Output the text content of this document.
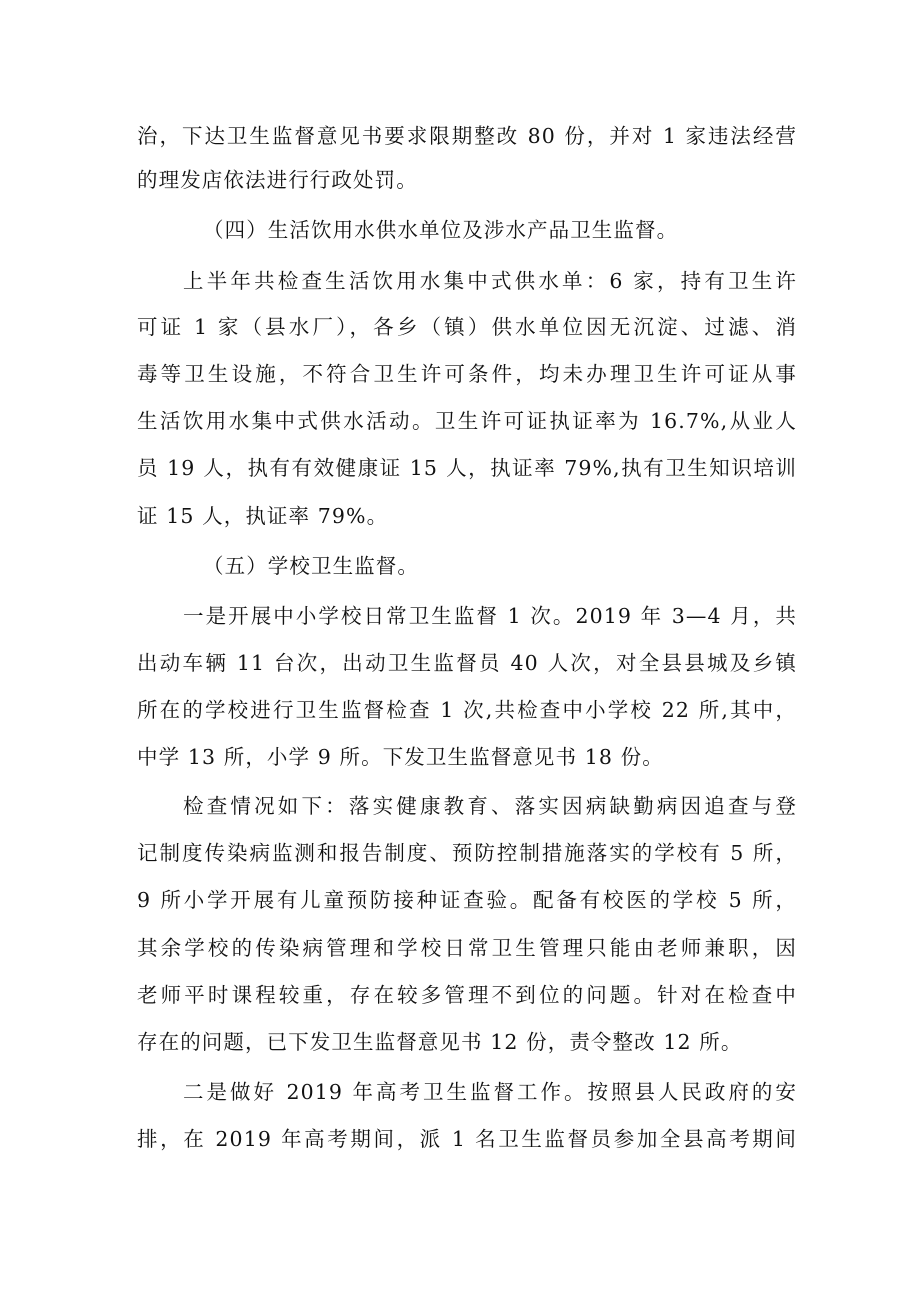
治，下达卫生监督意见书要求限期整改 80 份，并对 1 家违法经营
的理发店依法进行行政处罚。
（四）生活饮用水供水单位及涉水产品卫生监督。
上半年共检查生活饮用水集中式供水单：6 家，持有卫生许
可证 1 家（县水厂），各乡（镇）供水单位因无沉淀、过滤、消
毒等卫生设施，不符合卫生许可条件，均未办理卫生许可证从事
生活饮用水集中式供水活动。卫生许可证执证率为 16.7%,从业人
员 19 人，执有有效健康证 15 人，执证率 79%,执有卫生知识培训
证 15 人，执证率 79%。
（五）学校卫生监督。
一是开展中小学校日常卫生监督 1 次。2019 年 3—4 月，共
出动车辆 11 台次，出动卫生监督员 40 人次，对全县县城及乡镇
所在的学校进行卫生监督检查 1 次,共检查中小学校 22 所,其中，
中学 13 所，小学 9 所。下发卫生监督意见书 18 份。
检查情况如下：落实健康教育、落实因病缺勤病因追查与登
记制度传染病监测和报告制度、预防控制措施落实的学校有 5 所，
9 所小学开展有儿童预防接种证查验。配备有校医的学校 5 所，
其余学校的传染病管理和学校日常卫生管理只能由老师兼职，因
老师平时课程较重，存在较多管理不到位的问题。针对在检查中
存在的问题，已下发卫生监督意见书 12 份，责令整改 12 所。
二是做好 2019 年高考卫生监督工作。按照县人民政府的安
排，在 2019 年高考期间，派 1 名卫生监督员参加全县高考期间
